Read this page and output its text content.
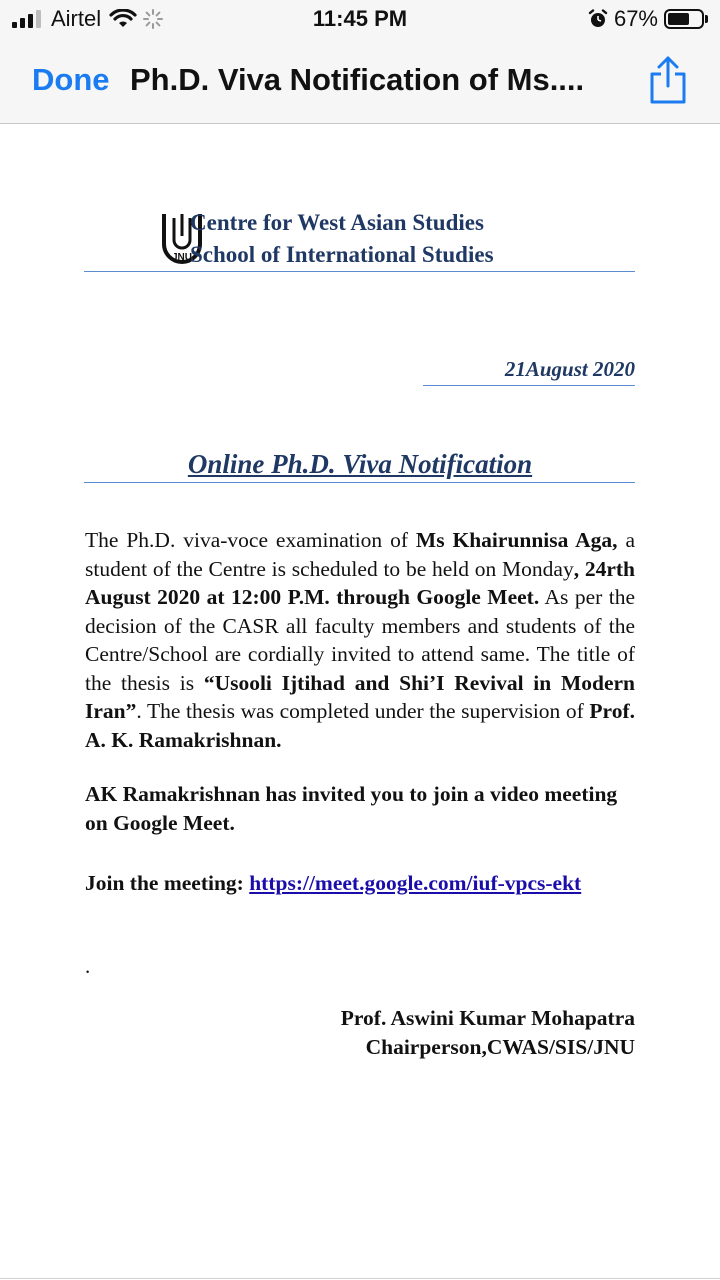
Airtel	11:45 PM	67%
Done Ph.D. Viva Notification of Ms....
JNU
Centre for West Asian Studies
School of International Studies
21August 2020
Online Ph.D. Viva Notification
The Ph.D. viva-voce examination of Ms Khairunnisa Aga, a student of the Centre is scheduled to be held on Monday, 24rth August 2020 at 12:00 P.M. through Google Meet. As per the decision of the CASR all faculty members and students of the Centre/School are cordially invited to attend same. The title of the thesis is “Usooli Ijtihad and Shi’I Revival in Modern Iran”. The thesis was completed under the supervision of Prof. A. K. Ramakrishnan.
AK Ramakrishnan has invited you to join a video meeting on Google Meet.
Join the meeting: https://meet.google.com/iuf-vpcs-ekt
.
Prof. Aswini Kumar Mohapatra
Chairperson,CWAS/SIS/JNU
